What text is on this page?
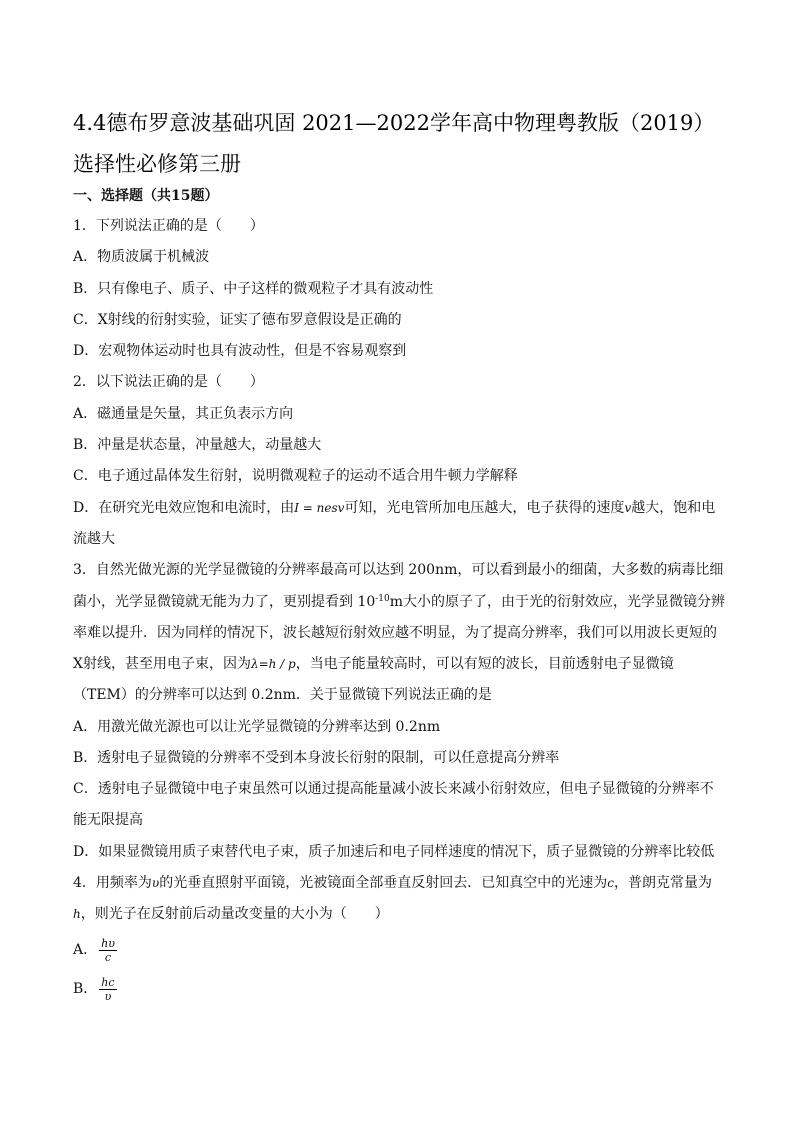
4.4德布罗意波基础巩固 2021—2022学年高中物理粤教版（2019）选择性必修第三册
一、选择题（共15题）
1．下列说法正确的是（　　）
A．物质波属于机械波
B．只有像电子、质子、中子这样的微观粒子才具有波动性
C．X射线的衍射实验，证实了德布罗意假设是正确的
D．宏观物体运动时也具有波动性，但是不容易观察到
2．以下说法正确的是（　　）
A．磁通量是矢量，其正负表示方向
B．冲量是状态量，冲量越大，动量越大
C．电子通过晶体发生衍射，说明微观粒子的运动不适合用牛顿力学解释
D．在研究光电效应饱和电流时，由I = nesv可知，光电管所加电压越大，电子获得的速度v越大，饱和电
流越大
3．自然光做光源的光学显微镜的分辨率最高可以达到 200nm，可以看到最小的细菌，大多数的病毒比细
菌小，光学显微镜就无能为力了，更别提看到 $10^{-10}m$大小的原子了，由于光的衍射效应，光学显微镜分辨
率难以提升．因为同样的情况下，波长越短衍射效应越不明显，为了提高分辨率，我们可以用波长更短的
X射线，甚至用电子束，因为λ=h / p，当电子能量较高时，可以有短的波长，目前透射电子显微镜
（TEM）的分辨率可以达到 0.2nm．关于显微镜下列说法正确的是
A．用激光做光源也可以让光学显微镜的分辨率达到 0.2nm
B．透射电子显微镜的分辨率不受到本身波长衍射的限制，可以任意提高分辨率
C．透射电子显微镜中电子束虽然可以通过提高能量减小波长来减小衍射效应，但电子显微镜的分辨率不
能无限提高
D．如果显微镜用质子束替代电子束，质子加速后和电子同样速度的情况下，质子显微镜的分辨率比较低
4．用频率为υ的光垂直照射平面镜，光被镜面全部垂直反射回去．已知真空中的光速为c，普朗克常量为
h，则光子在反射前后动量改变量的大小为（　　）
A． $\frac{h\upsilon}{c}$
B． $\frac{hc}{\upsilon}$
